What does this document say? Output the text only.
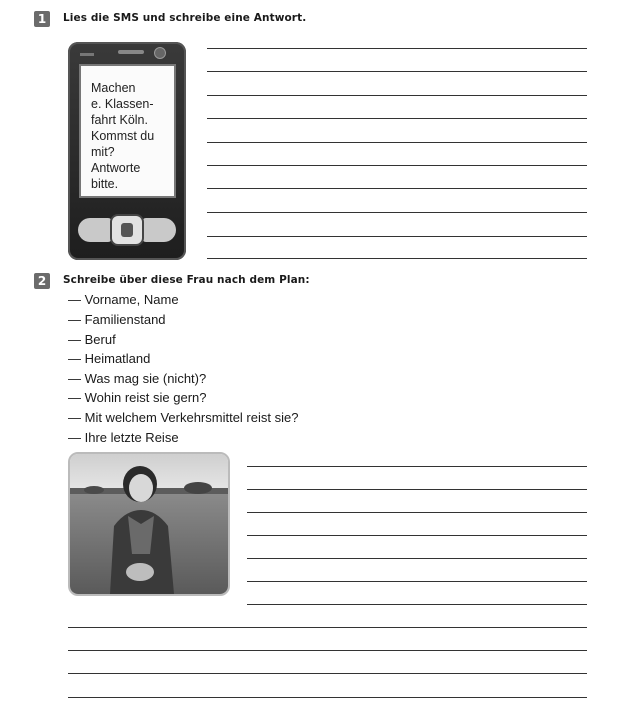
1	Lies die SMS und schreibe eine Antwort.
Machen
e. Klassen-
fahrt Köln.
Kommst du
mit?
Antworte
bitte.
2	Schreibe über diese Frau nach dem Plan:
— Vorname, Name
— Familienstand
— Beruf
— Heimatland
— Was mag sie (nicht)?
— Wohin reist sie gern?
— Mit welchem Verkehrsmittel reist sie?
— Ihre letzte Reise
